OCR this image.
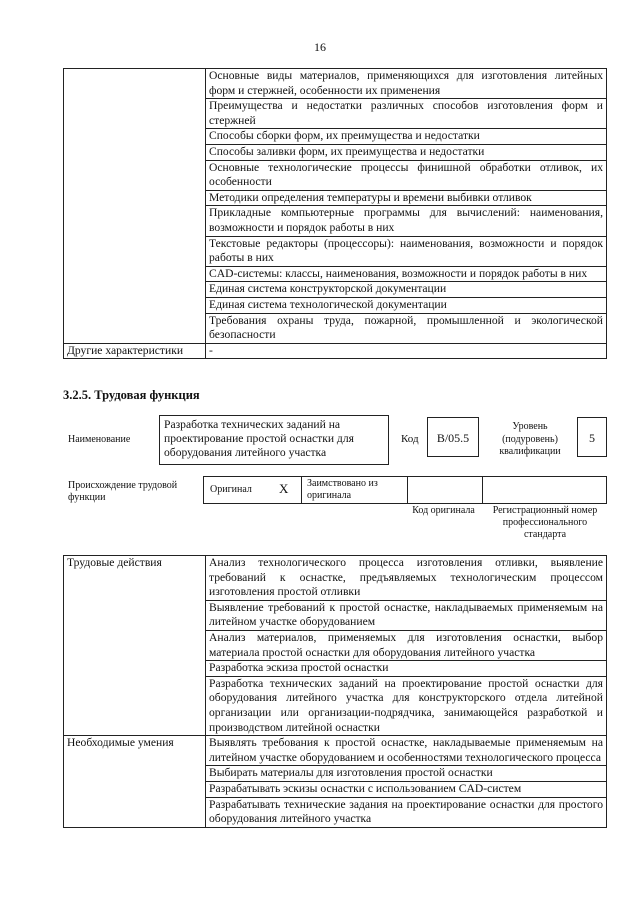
16
	Основные виды материалов, применяющихся для изготовления литейных форм и стержней, особенности их применения
	Преимущества и недостатки различных способов изготовления форм и стержней
	Способы сборки форм, их преимущества и недостатки
	Способы заливки форм, их преимущества и недостатки
	Основные технологические процессы финишной обработки отливок, их особенности
	Методики определения температуры и времени выбивки отливок
	Прикладные компьютерные программы для вычислений: наименования, возможности и порядок работы в них
	Текстовые редакторы (процессоры): наименования, возможности и порядок работы в них
	CAD-системы: классы, наименования, возможности и порядок работы в них
	Единая система конструкторской документации
	Единая система технологической документации
	Требования охраны труда, пожарной, промышленной и экологической безопасности
Другие характеристики	-
3.2.5. Трудовая функция
Наименование
Разработка технических заданий на проектирование простой оснастки для оборудования литейного участка
Код	В/05.5
Уровень (подуровень) квалификации
5
Происхождение трудовой функции
Оригинал X Заимствовано из оригинала
Код оригинала	Регистрационный номер профессионального стандарта
Трудовые действия	Анализ технологического процесса изготовления отливки, выявление требований к оснастке, предъявляемых технологическим процессом изготовления простой отливки
	Выявление требований к простой оснастке, накладываемых применяемым на литейном участке оборудованием
	Анализ материалов, применяемых для изготовления оснастки, выбор материала простой оснастки для оборудования литейного участка
	Разработка эскиза простой оснастки
	Разработка технических заданий на проектирование простой оснастки для оборудования литейного участка для конструкторского отдела литейной организации или организации-подрядчика, занимающейся разработкой и производством литейной оснастки
Необходимые умения	Выявлять требования к простой оснастке, накладываемые применяемым на литейном участке оборудованием и особенностями технологического процесса
	Выбирать материалы для изготовления простой оснастки
	Разрабатывать эскизы оснастки с использованием CAD-систем
	Разрабатывать технические задания на проектирование оснастки для простого оборудования литейного участка
